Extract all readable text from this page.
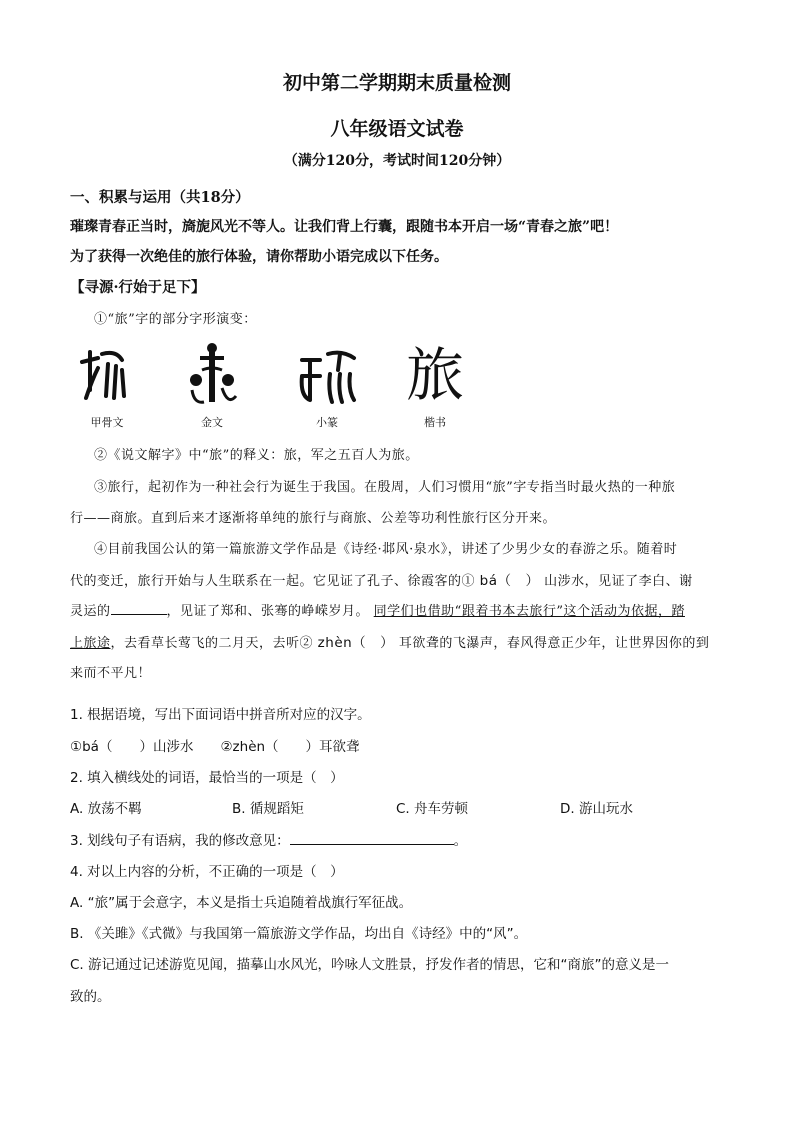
初中第二学期期末质量检测
八年级语文试卷
（满分120分，考试时间120分钟）
一、积累与运用（共18分）
璀璨青春正当时，旖旎风光不等人。让我们背上行囊，跟随书本开启一场“青春之旅”吧！
为了获得一次绝佳的旅行体验，请你帮助小语完成以下任务。
【寻源·行始于足下】
①“旅”字的部分字形演变：
甲骨文	金文	小篆
旅
楷书
②《说文解字》中“旅”的释义：旅，军之五百人为旅。
③旅行，起初作为一种社会行为诞生于我国。在殷周，人们习惯用“旅”字专指当时最火热的一种旅
行——商旅。直到后来才逐渐将单纯的旅行与商旅、公差等功利性旅行区分开来。
④目前我国公认的第一篇旅游文学作品是《诗经·邶风·泉水》，讲述了少男少女的春游之乐。随着时
代的变迁，旅行开始与人生联系在一起。它见证了孔子、徐霞客的① bá（　） 山涉水，见证了李白、谢
灵运的	，见证了郑和、张骞的峥嵘岁月。 同学们也借助“跟着书本去旅行”这个活动为依据，踏
上旅途，去看草长莺飞的二月天，去听② zhèn（　） 耳欲聋的飞瀑声，春风得意正少年，让世界因你的到
来而不平凡！
1. 根据语境，写出下面词语中拼音所对应的汉字。
①bá（　　）山涉水　　②zhèn（　　）耳欲聋
2. 填入横线处的词语，最恰当的一项是（　）
A. 放荡不羁	B. 循规蹈矩	C. 舟车劳顿	D. 游山玩水
3. 划线句子有语病，我的修改意见：	。
4. 对以上内容的分析，不正确的一项是（　）
A. “旅”属于会意字，本义是指士兵追随着战旗行军征战。
B. 《关雎》《式微》与我国第一篇旅游文学作品，均出自《诗经》中的“风”。
C. 游记通过记述游览见闻，描摹山水风光，吟咏人文胜景，抒发作者的情思，它和“商旅”的意义是一
致的。
